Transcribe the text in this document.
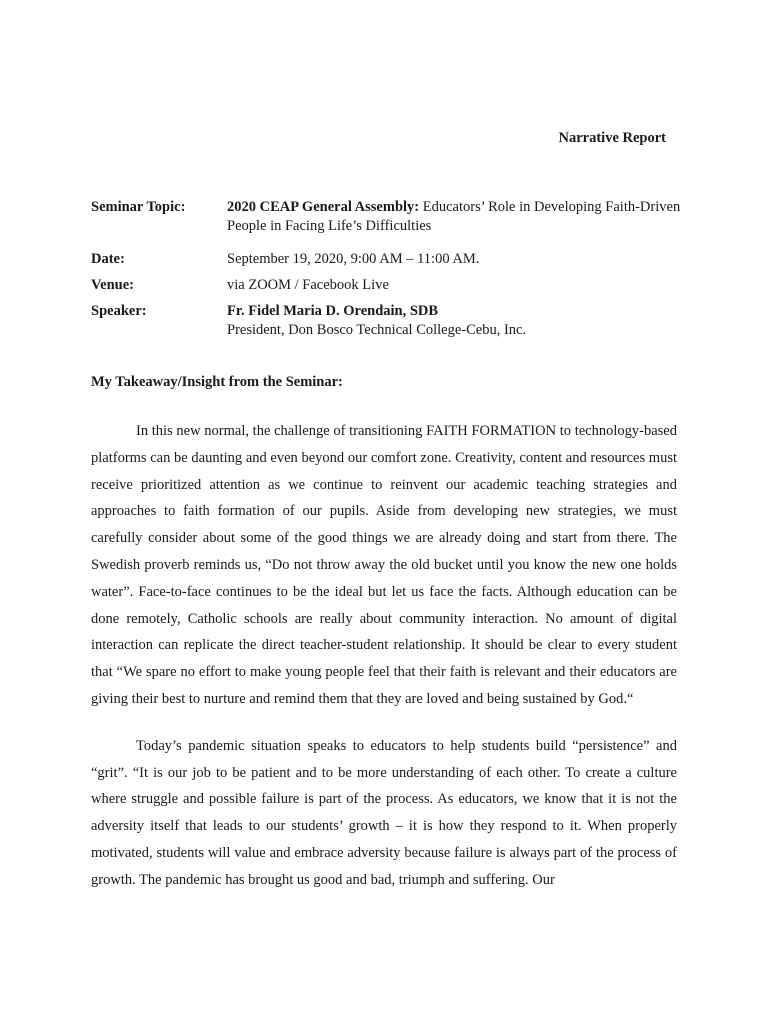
Narrative Report
Seminar Topic:	2020 CEAP General Assembly: Educators’ Role in Developing Faith-Driven People in Facing Life’s Difficulties
Date:	September 19, 2020, 9:00 AM – 11:00 AM.
Venue:	via ZOOM / Facebook Live
Speaker:	Fr. Fidel Maria D. Orendain, SDB
President, Don Bosco Technical College-Cebu, Inc.
My Takeaway/Insight from the Seminar:

In this new normal, the challenge of transitioning FAITH FORMATION to technology-based platforms can be daunting and even beyond our comfort zone. Creativity, content and resources must receive prioritized attention as we continue to reinvent our academic teaching strategies and approaches to faith formation of our pupils. Aside from developing new strategies, we must carefully consider about some of the good things we are already doing and start from there. The Swedish proverb reminds us, “Do not throw away the old bucket until you know the new one holds water”. Face-to-face continues to be the ideal but let us face the facts. Although education can be done remotely, Catholic schools are really about community interaction. No amount of digital interaction can replicate the direct teacher-student relationship. It should be clear to every student that “We spare no effort to make young people feel that their faith is relevant and their educators are giving their best to nurture and remind them that they are loved and being sustained by God.“

Today’s pandemic situation speaks to educators to help students build “persistence” and “grit”. “It is our job to be patient and to be more understanding of each other. To create a culture where struggle and possible failure is part of the process. As educators, we know that it is not the adversity itself that leads to our students’ growth – it is how they respond to it. When properly motivated, students will value and embrace adversity because failure is always part of the process of growth. The pandemic has brought us good and bad, triumph and suffering. Our
